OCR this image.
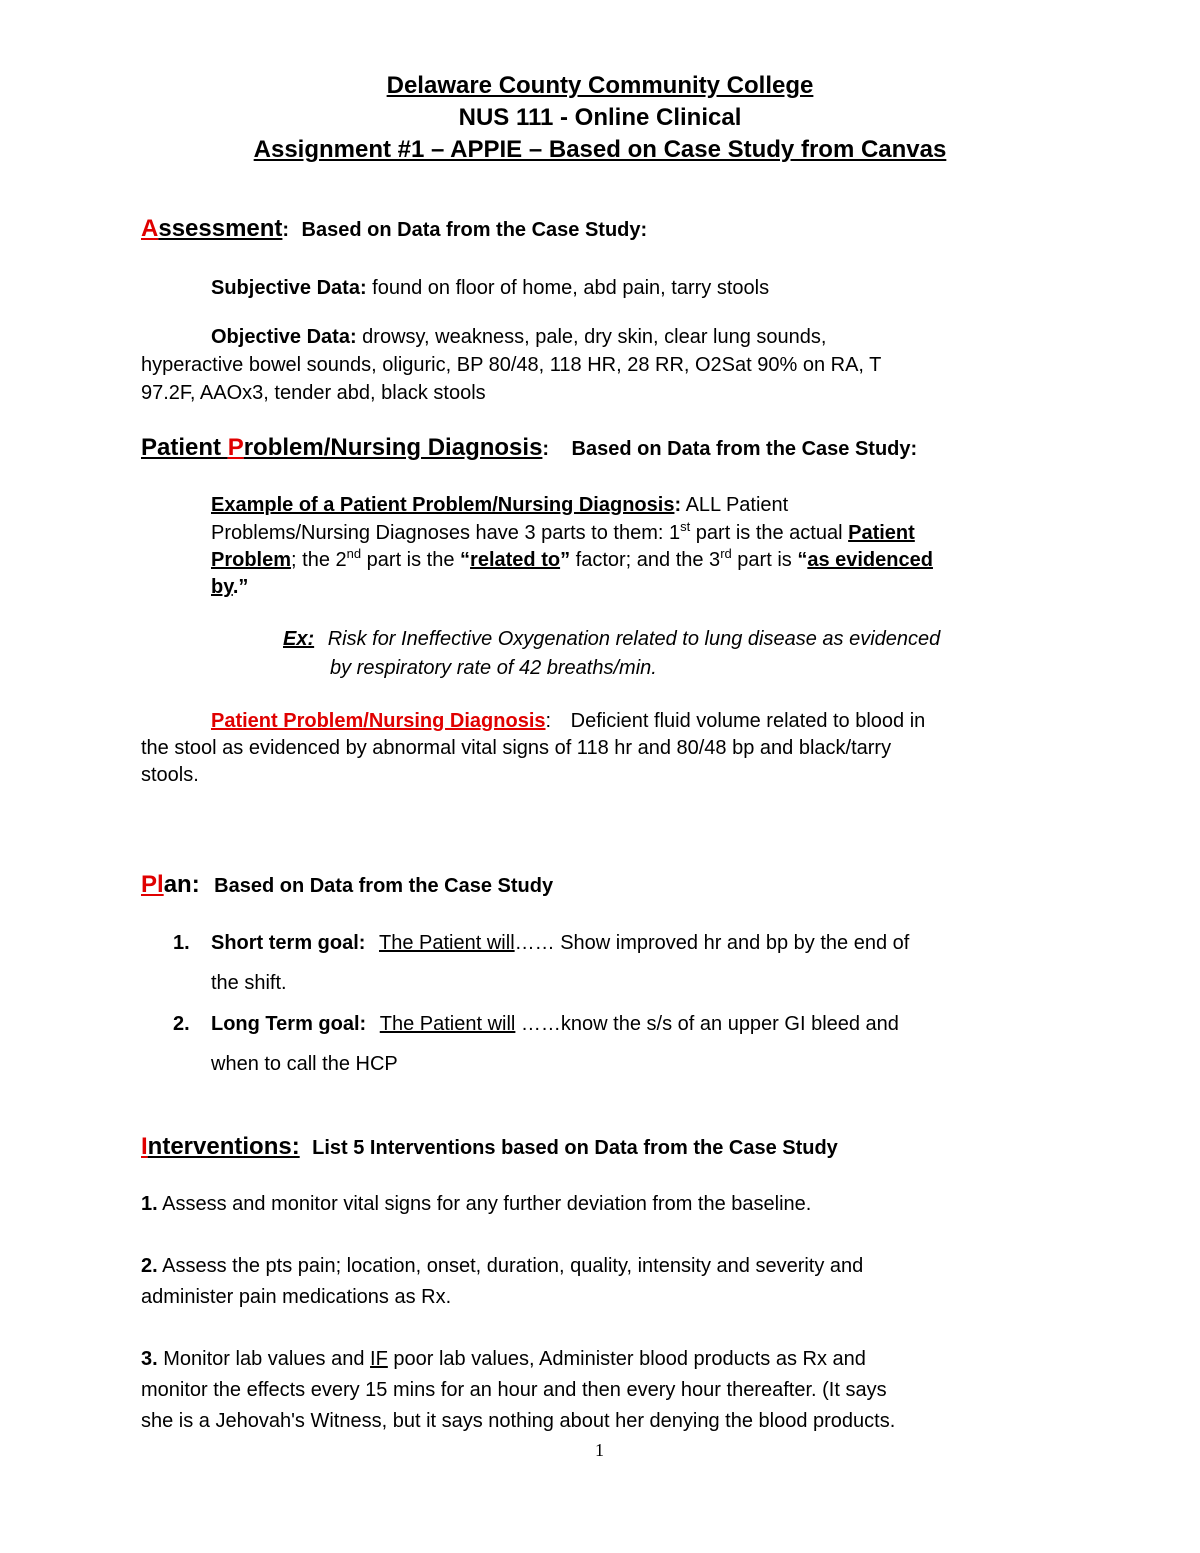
Delaware County Community College
NUS 111 - Online Clinical
Assignment #1 – APPIE – Based on Case Study from Canvas
Assessment: Based on Data from the Case Study:
Subjective Data: found on floor of home, abd pain, tarry stools
Objective Data: drowsy, weakness, pale, dry skin, clear lung sounds,
hyperactive bowel sounds, oliguric, BP 80/48, 118 HR, 28 RR, O2Sat 90% on RA, T
97.2F, AAOx3, tender abd, black stools
Patient Problem/Nursing Diagnosis: Based on Data from the Case Study:
Example of a Patient Problem/Nursing Diagnosis: ALL Patient
Problems/Nursing Diagnoses have 3 parts to them: 1st part is the actual Patient
Problem; the 2nd part is the “related to” factor; and the 3rd part is “as evidenced
by.”
Ex: Risk for Ineffective Oxygenation related to lung disease as evidenced
by respiratory rate of 42 breaths/min.
Patient Problem/Nursing Diagnosis: Deficient fluid volume related to blood in
the stool as evidenced by abnormal vital signs of 118 hr and 80/48 bp and black/tarry
stools.
Plan: Based on Data from the Case Study
1. Short term goal: The Patient will…… Show improved hr and bp by the end of
the shift.
2. Long Term goal: The Patient will ……know the s/s of an upper GI bleed and
when to call the HCP
Interventions: List 5 Interventions based on Data from the Case Study
1. Assess and monitor vital signs for any further deviation from the baseline.
2. Assess the pts pain; location, onset, duration, quality, intensity and severity and
administer pain medications as Rx.
3. Monitor lab values and IF poor lab values, Administer blood products as Rx and
monitor the effects every 15 mins for an hour and then every hour thereafter. (It says
she is a Jehovah's Witness, but it says nothing about her denying the blood products.
1
